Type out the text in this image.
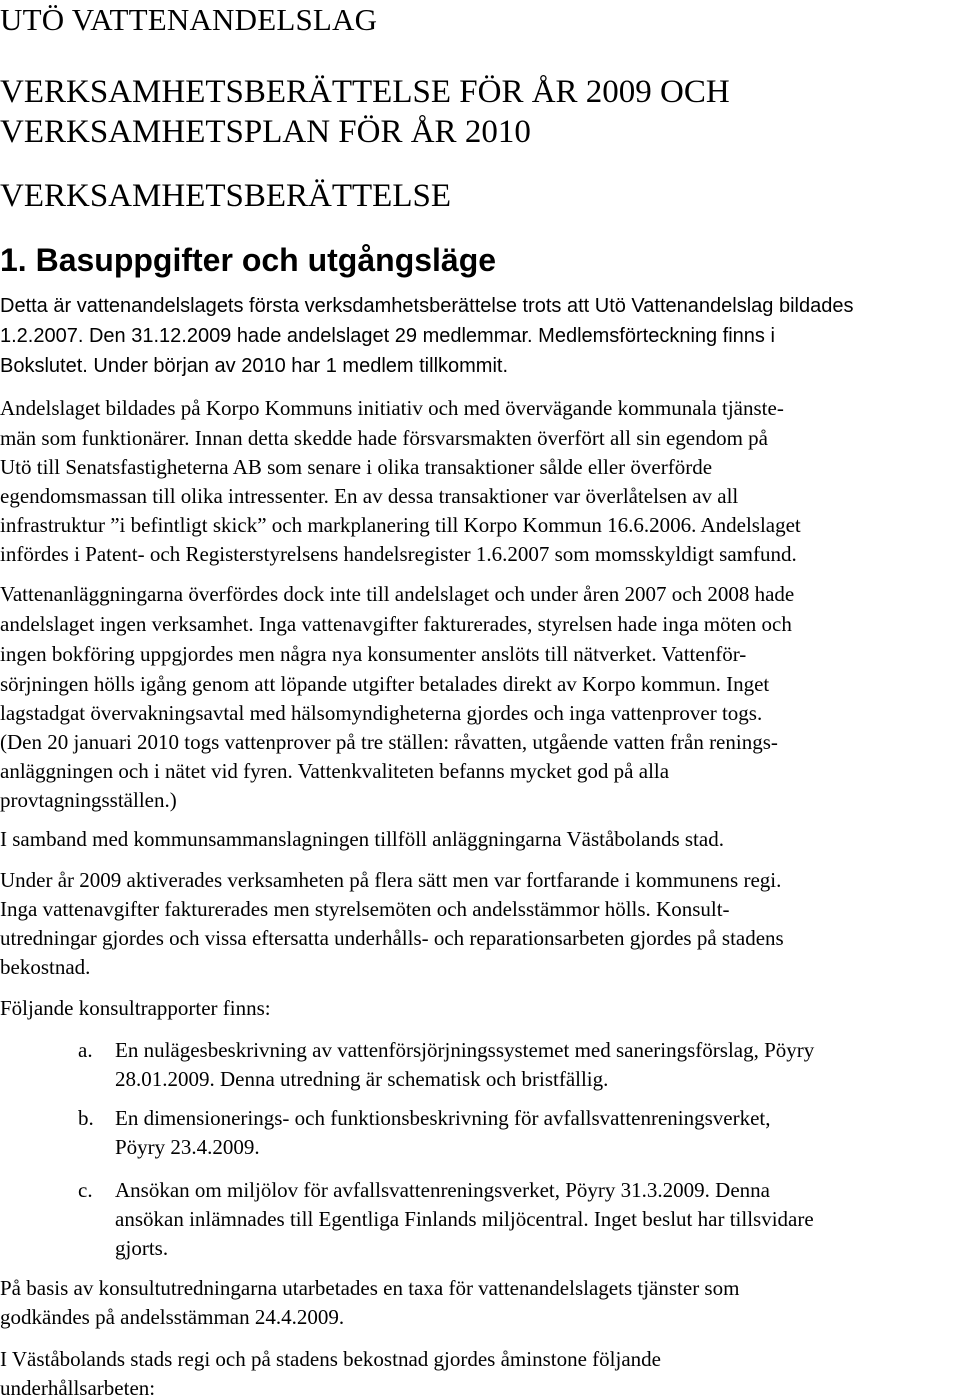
UTÖ VATTENANDELSLAG
VERKSAMHETSBERÄTTELSE FÖR ÅR 2009 OCH
VERKSAMHETSPLAN FÖR ÅR 2010
VERKSAMHETSBERÄTTELSE
1. Basuppgifter och utgångsläge
Detta är vattenandelslagets första verksdamhetsberättelse trots att Utö Vattenandelslag bildades
1.2.2007. Den 31.12.2009 hade andelslaget 29 medlemmar. Medlemsförteckning finns i
Bokslutet. Under början av 2010 har 1 medlem tillkommit.
Andelslaget bildades på Korpo Kommuns initiativ och med övervägande kommunala tjänste-
män som funktionärer. Innan detta skedde hade försvarsmakten överfört all sin egendom på
Utö till Senatsfastigheterna AB som senare i olika transaktioner sålde eller överförde
egendomsmassan till olika intressenter. En av dessa transaktioner var överlåtelsen av all
infrastruktur ”i befintligt skick” och markplanering till Korpo Kommun 16.6.2006. Andelslaget
infördes i Patent- och Registerstyrelsens handelsregister 1.6.2007 som momsskyldigt samfund.
Vattenanläggningarna överfördes dock inte till andelslaget och under åren 2007 och 2008 hade
andelslaget ingen verksamhet. Inga vattenavgifter fakturerades, styrelsen hade inga möten och
ingen bokföring uppgjordes men några nya konsumenter anslöts till nätverket. Vattenför-
sörjningen hölls igång genom att löpande utgifter betalades direkt av Korpo kommun. Inget
lagstadgat övervakningsavtal med hälsomyndigheterna gjordes och inga vattenprover togs.
(Den 20 januari 2010 togs vattenprover på tre ställen: råvatten, utgående vatten från renings-
anläggningen och i nätet vid fyren. Vattenkvaliteten befanns mycket god på alla
provtagningsställen.)
I samband med kommunsammanslagningen tillföll anläggningarna Väståbolands stad.
Under år 2009 aktiverades verksamheten på flera sätt men var fortfarande i kommunens regi.
Inga vattenavgifter fakturerades men styrelsemöten och andelsstämmor hölls. Konsult-
utredningar gjordes och vissa eftersatta underhålls- och reparationsarbeten gjordes på stadens
bekostnad.
Följande konsultrapporter finns:
a. En nulägesbeskrivning av vattenförsjörjningssystemet med saneringsförslag, Pöyry
28.01.2009. Denna utredning är schematisk och bristfällig.
b. En dimensionerings- och funktionsbeskrivning för avfallsvattenreningsverket,
Pöyry 23.4.2009.
c. Ansökan om miljölov för avfallsvattenreningsverket, Pöyry 31.3.2009. Denna
ansökan inlämnades till Egentliga Finlands miljöcentral. Inget beslut har tillsvidare
gjorts.
På basis av konsultutredningarna utarbetades en taxa för vattenandelslagets tjänster som
godkändes på andelsstämman 24.4.2009.
I Väståbolands stads regi och på stadens bekostnad gjordes åminstone följande
underhållsarbeten:
